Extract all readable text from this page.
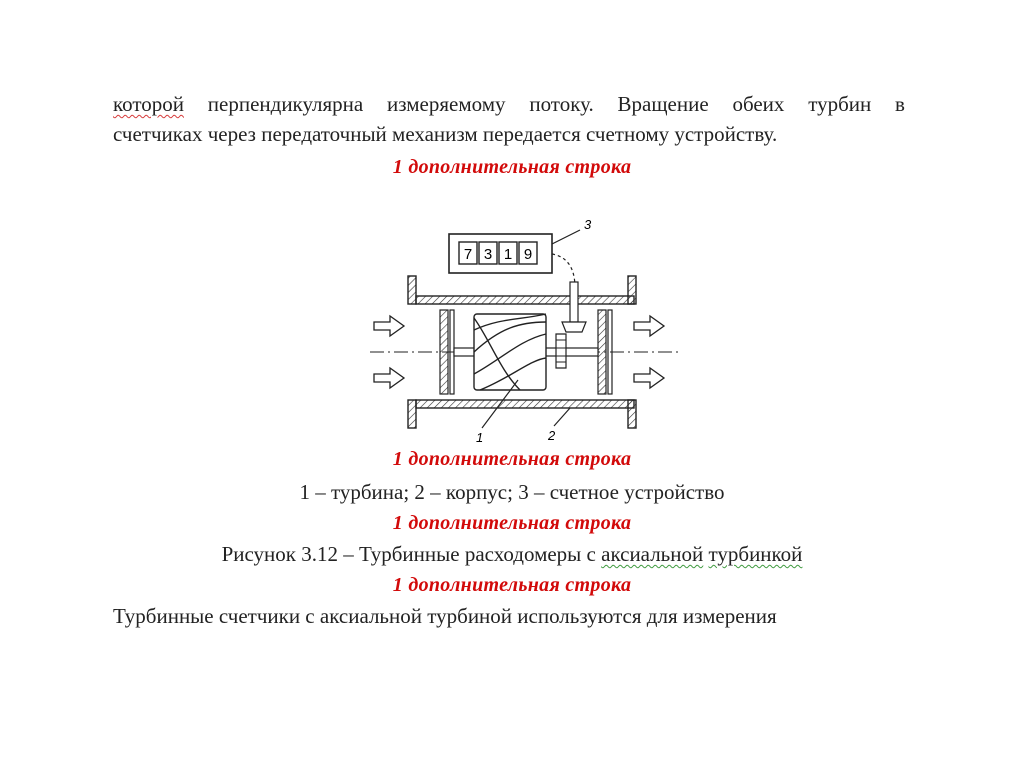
которой перпендикулярна измеряемому потоку. Вращение обеих турбин в
счетчиках через передаточный механизм передается счетному устройству.
1 дополнительная строка
7 3 1 9
3
1	2
1 дополнительная строка
1 – турбина; 2 – корпус; 3 – счетное устройство
1 дополнительная строка
Рисунок 3.12 – Турбинные расходомеры с аксиальной турбинкой
1 дополнительная строка
Турбинные счетчики с аксиальной турбиной используются для измерения
